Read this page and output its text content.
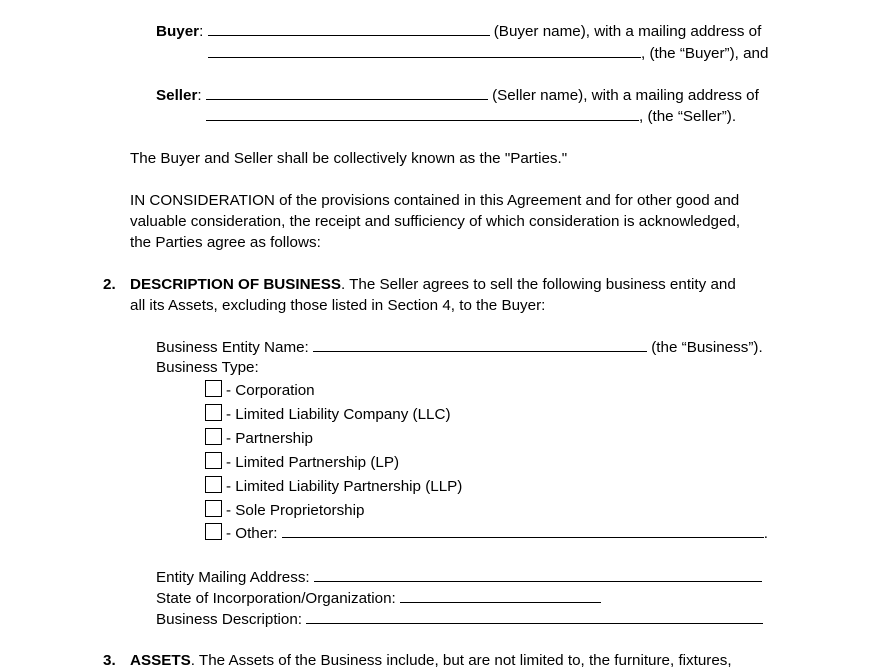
Buyer:	(Buyer name), with a mailing address of
, (the “Buyer”), and
Seller:	(Seller name), with a mailing address of
, (the “Seller”).
The Buyer and Seller shall be collectively known as the "Parties."
IN CONSIDERATION of the provisions contained in this Agreement and for other good and
valuable consideration, the receipt and sufficiency of which consideration is acknowledged,
the Parties agree as follows:
2. DESCRIPTION OF BUSINESS. The Seller agrees to sell the following business entity and
all its Assets, excluding those listed in Section 4, to the Buyer:
Business Entity Name:	(the “Business”).
Business Type:
- Corporation
- Limited Liability Company (LLC)
- Partnership
- Limited Partnership (LP)
- Limited Liability Partnership (LLP)
- Sole Proprietorship
- Other:	.
Entity Mailing Address:
State of Incorporation/Organization:
Business Description:
3. ASSETS. The Assets of the Business include, but are not limited to, the furniture, fixtures,
